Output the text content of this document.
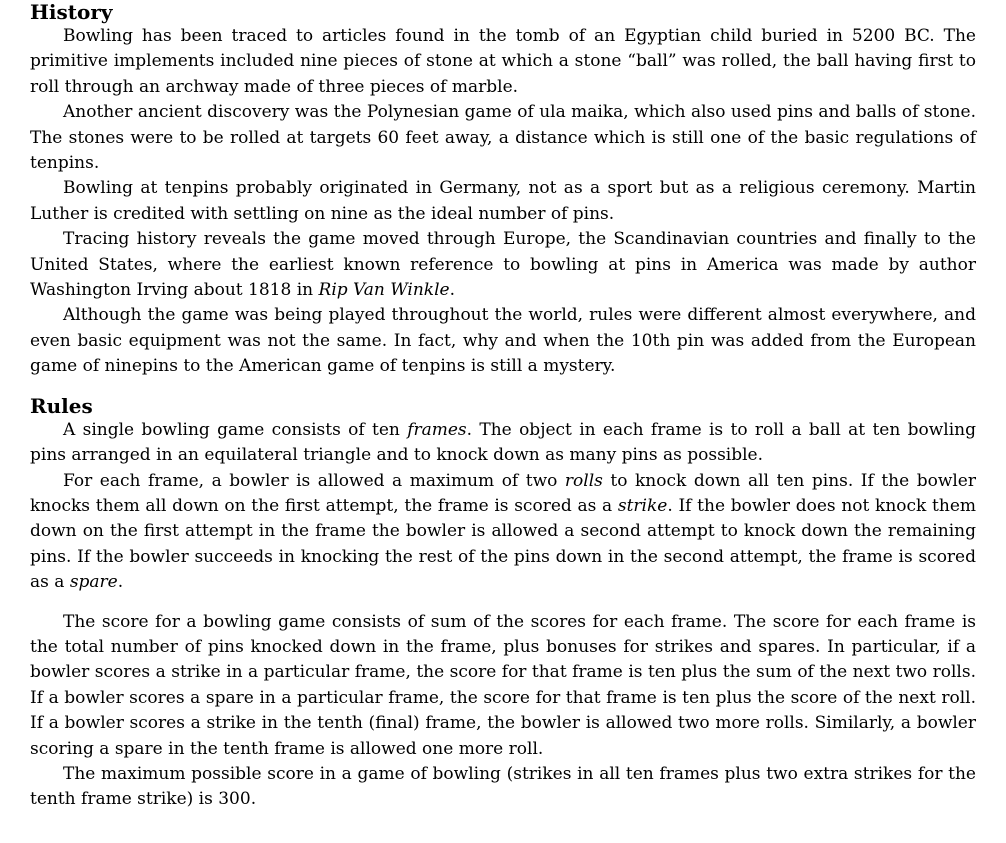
History

Bowling has been traced to articles found in the tomb of an Egyptian child buried in 5200 BC. The primitive implements included nine pieces of stone at which a stone “ball” was rolled, the ball having first to roll through an archway made of three pieces of marble.

Another ancient discovery was the Polynesian game of ula maika, which also used pins and balls of stone. The stones were to be rolled at targets 60 feet away, a distance which is still one of the basic regulations of tenpins.

Bowling at tenpins probably originated in Germany, not as a sport but as a religious ceremony. Martin Luther is credited with settling on nine as the ideal number of pins.

Tracing history reveals the game moved through Europe, the Scandinavian countries and finally to the United States, where the earliest known reference to bowling at pins in America was made by author Washington Irving about 1818 in Rip Van Winkle.

Although the game was being played throughout the world, rules were different almost everywhere, and even basic equipment was not the same. In fact, why and when the 10th pin was added from the European game of ninepins to the American game of tenpins is still a mystery.

Rules

A single bowling game consists of ten frames. The object in each frame is to roll a ball at ten bowling pins arranged in an equilateral triangle and to knock down as many pins as possible.

For each frame, a bowler is allowed a maximum of two rolls to knock down all ten pins. If the bowler knocks them all down on the first attempt, the frame is scored as a strike. If the bowler does not knock them down on the first attempt in the frame the bowler is allowed a second attempt to knock down the remaining pins. If the bowler succeeds in knocking the rest of the pins down in the second attempt, the frame is scored as a spare.

The score for a bowling game consists of sum of the scores for each frame. The score for each frame is the total number of pins knocked down in the frame, plus bonuses for strikes and spares. In particular, if a bowler scores a strike in a particular frame, the score for that frame is ten plus the sum of the next two rolls. If a bowler scores a spare in a particular frame, the score for that frame is ten plus the score of the next roll. If a bowler scores a strike in the tenth (final) frame, the bowler is allowed two more rolls. Similarly, a bowler scoring a spare in the tenth frame is allowed one more roll.

The maximum possible score in a game of bowling (strikes in all ten frames plus two extra strikes for the tenth frame strike) is 300.
